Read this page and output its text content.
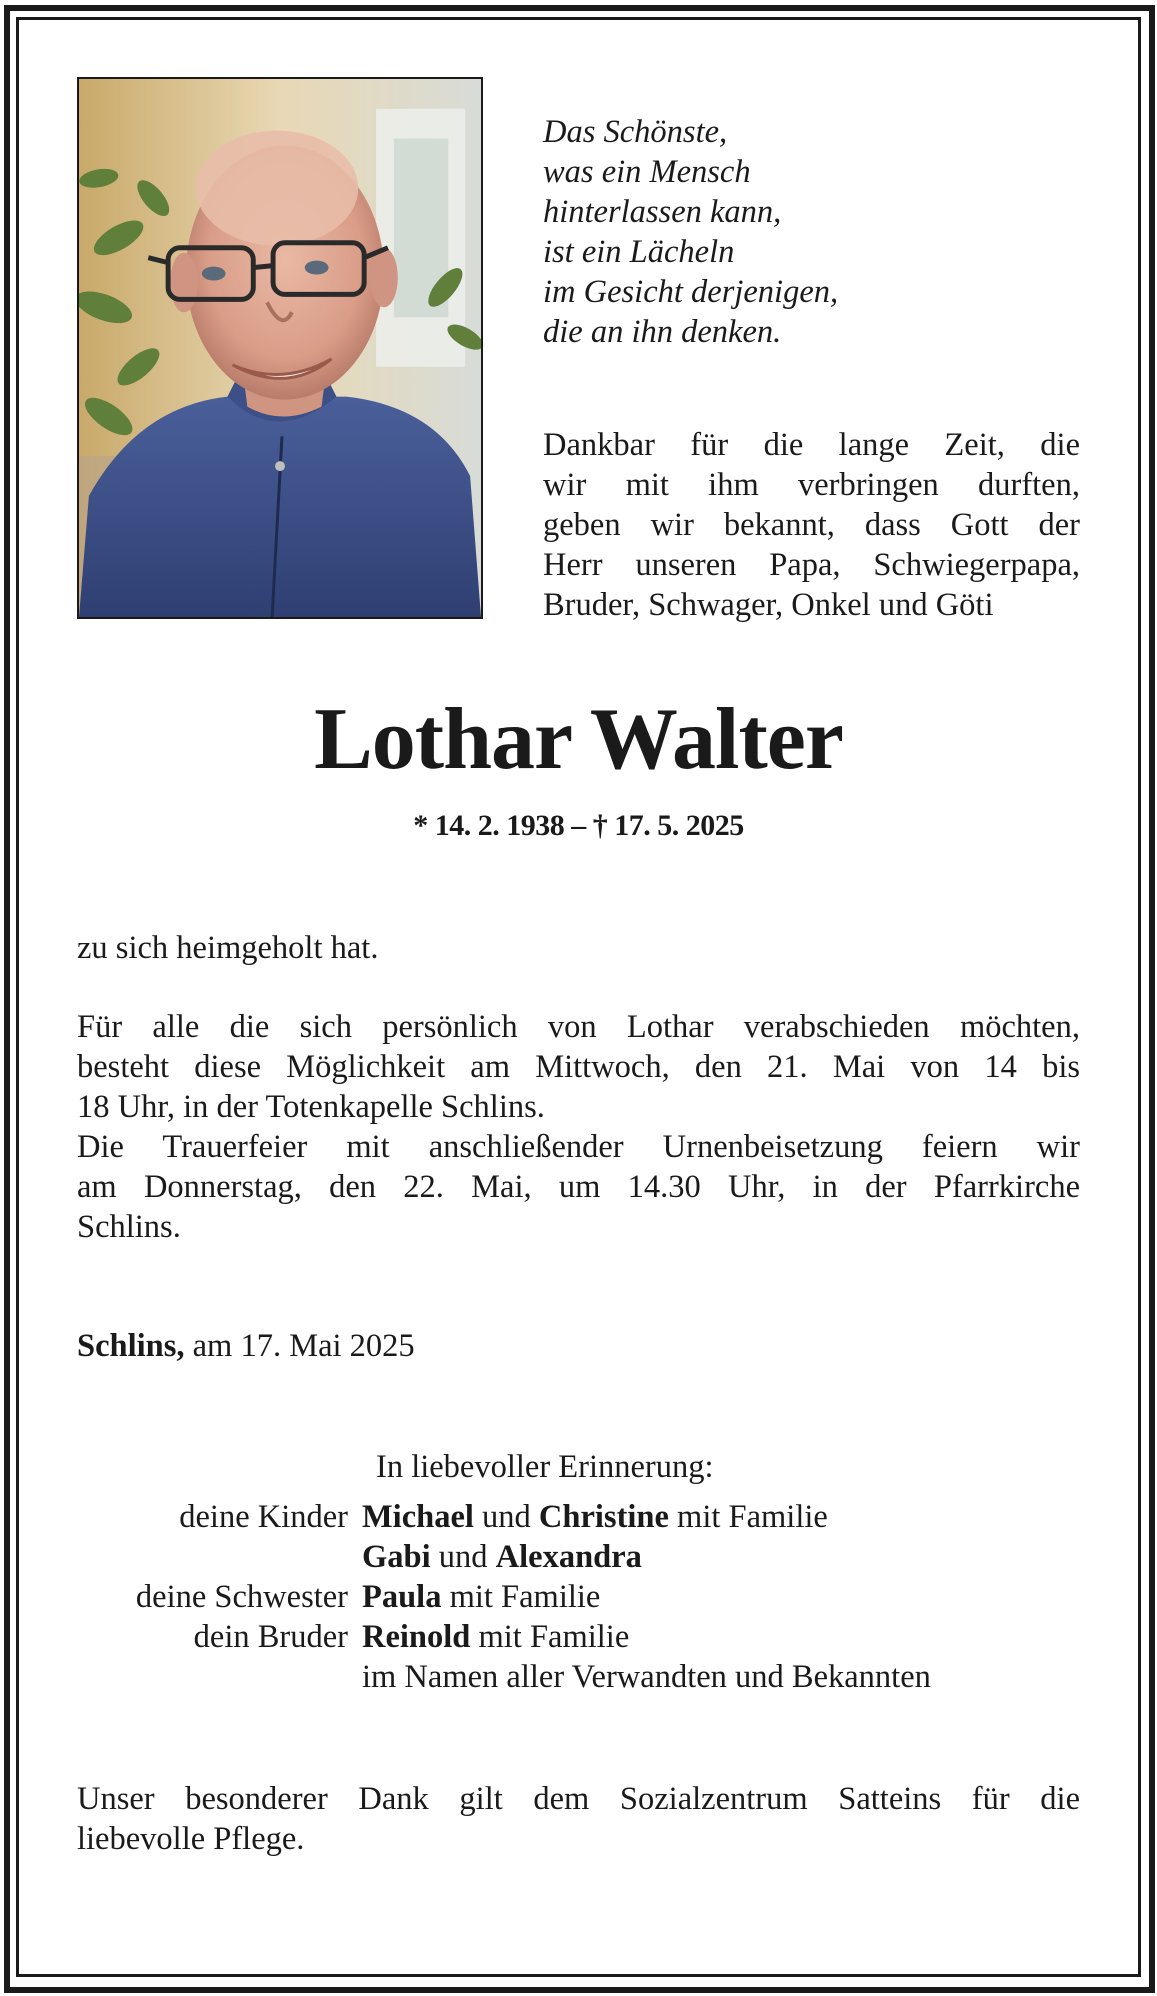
Das Schönste,
was ein Mensch
hinterlassen kann,
ist ein Lächeln
im Gesicht derjenigen,
die an ihn denken.
Dankbar für die lange Zeit, die
wir mit ihm verbringen durften,
geben wir bekannt, dass Gott der
Herr unseren Papa, Schwiegerpapa,
Bruder, Schwager, Onkel und Göti
Lothar Walter
* 14. 2. 1938 – † 17. 5. 2025
zu sich heimgeholt hat.
Für alle die sich persönlich von Lothar verabschieden möchten,
besteht diese Möglichkeit am Mittwoch, den 21. Mai von 14 bis
18 Uhr, in der Totenkapelle Schlins.
Die Trauerfeier mit anschließender Urnenbeisetzung feiern wir
am Donnerstag, den 22. Mai, um 14.30 Uhr, in der Pfarrkirche
Schlins.
Schlins, am 17. Mai 2025
In liebevoller Erinnerung:
deine Kinder Michael und Christine mit Familie
Gabi und Alexandra
deine Schwester Paula mit Familie
dein Bruder Reinold mit Familie
im Namen aller Verwandten und Bekannten
Unser besonderer Dank gilt dem Sozialzentrum Satteins für die
liebevolle Pflege.
